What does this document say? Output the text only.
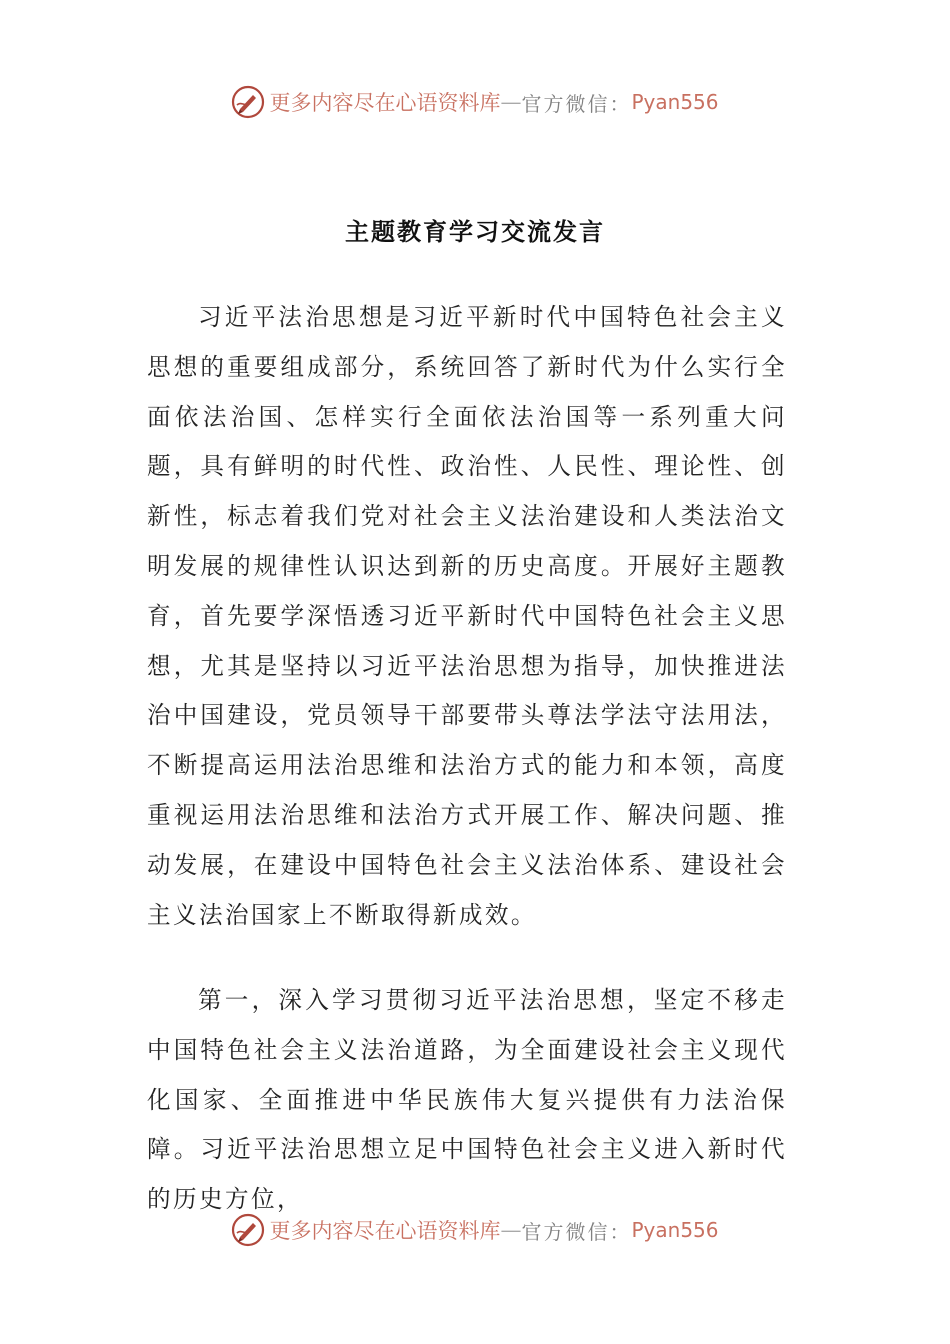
更多内容尽在心语资料库 — 官方微信： Pyan556
主题教育学习交流发言

习近平法治思想是习近平新时代中国特色社会主义思想的重要组成部分，系统回答了新时代为什么实行全面依法治国、怎样实行全面依法治国等一系列重大问题，具有鲜明的时代性、政治性、人民性、理论性、创新性，标志着我们党对社会主义法治建设和人类法治文明发展的规律性认识达到新的历史高度。开展好主题教育，首先要学深悟透习近平新时代中国特色社会主义思想，尤其是坚持以习近平法治思想为指导，加快推进法治中国建设，党员领导干部要带头尊法学法守法用法，不断提高运用法治思维和法治方式的能力和本领，高度重视运用法治思维和法治方式开展工作、解决问题、推动发展，在建设中国特色社会主义法治体系、建设社会主义法治国家上不断取得新成效。

第一，深入学习贯彻习近平法治思想，坚定不移走中国特色社会主义法治道路，为全面建设社会主义现代化国家、全面推进中华民族伟大复兴提供有力法治保障。习近平法治思想立足中国特色社会主义进入新时代的历史方位，

更多内容尽在心语资料库 — 官方微信： Pyan556
